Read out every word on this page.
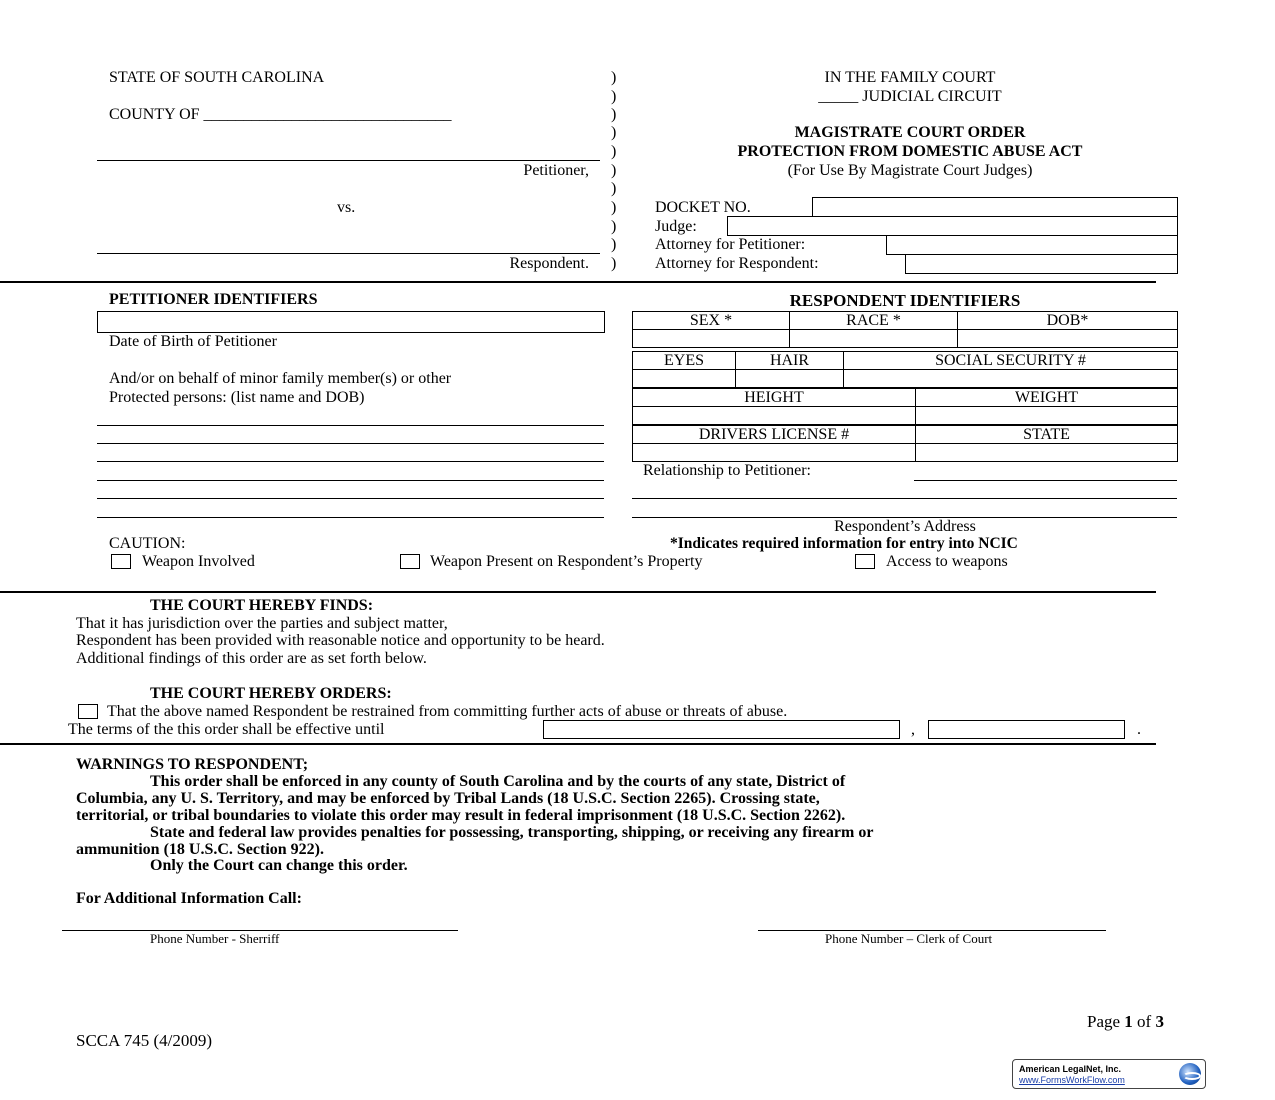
STATE OF SOUTH CAROLINA
COUNTY OF _______________________________
Petitioner,
vs.
Respondent.
)
)
)
)
)
)
)
)
)
)
)
IN THE FAMILY COURT
_____ JUDICIAL CIRCUIT
MAGISTRATE COURT ORDER
PROTECTION FROM DOMESTIC ABUSE ACT
(For Use By Magistrate Court Judges)
DOCKET NO.
Judge:
Attorney for Petitioner:
Attorney for Respondent:
PETITIONER IDENTIFIERS
Date of Birth of Petitioner
And/or on behalf of minor family member(s) or other
Protected persons: (list name and DOB)
RESPONDENT IDENTIFIERS
SEX *	RACE *	DOB*

EYES	HAIR	SOCIAL SECURITY #

HEIGHT	WEIGHT

DRIVERS LICENSE #	STATE

Relationship to Petitioner:
Respondent’s Address
CAUTION:	*Indicates required information for entry into NCIC
Weapon Involved	Weapon Present on Respondent’s Property	Access to weapons
THE COURT HEREBY FINDS:
That it has jurisdiction over the parties and subject matter,
Respondent has been provided with reasonable notice and opportunity to be heard.
Additional findings of this order are as set forth below.
THE COURT HEREBY ORDERS:
That the above named Respondent be restrained from committing further acts of abuse or threats of abuse.
The terms of the this order shall be effective until	,	.
WARNINGS TO RESPONDENT;
This order shall be enforced in any county of South Carolina and by the courts of any state, District of
Columbia, any U. S. Territory, and may be enforced by Tribal Lands (18 U.S.C. Section 2265). Crossing state,
territorial, or tribal boundaries to violate this order may result in federal imprisonment (18 U.S.C. Section 2262).
State and federal law provides penalties for possessing, transporting, shipping, or receiving any firearm or
ammunition (18 U.S.C. Section 922).
Only the Court can change this order.
For Additional Information Call:
Phone Number - Sherriff	Phone Number – Clerk of Court
Page 1 of 3
SCCA 745 (4/2009)
American LegalNet, Inc.
www.FormsWorkFlow.com
